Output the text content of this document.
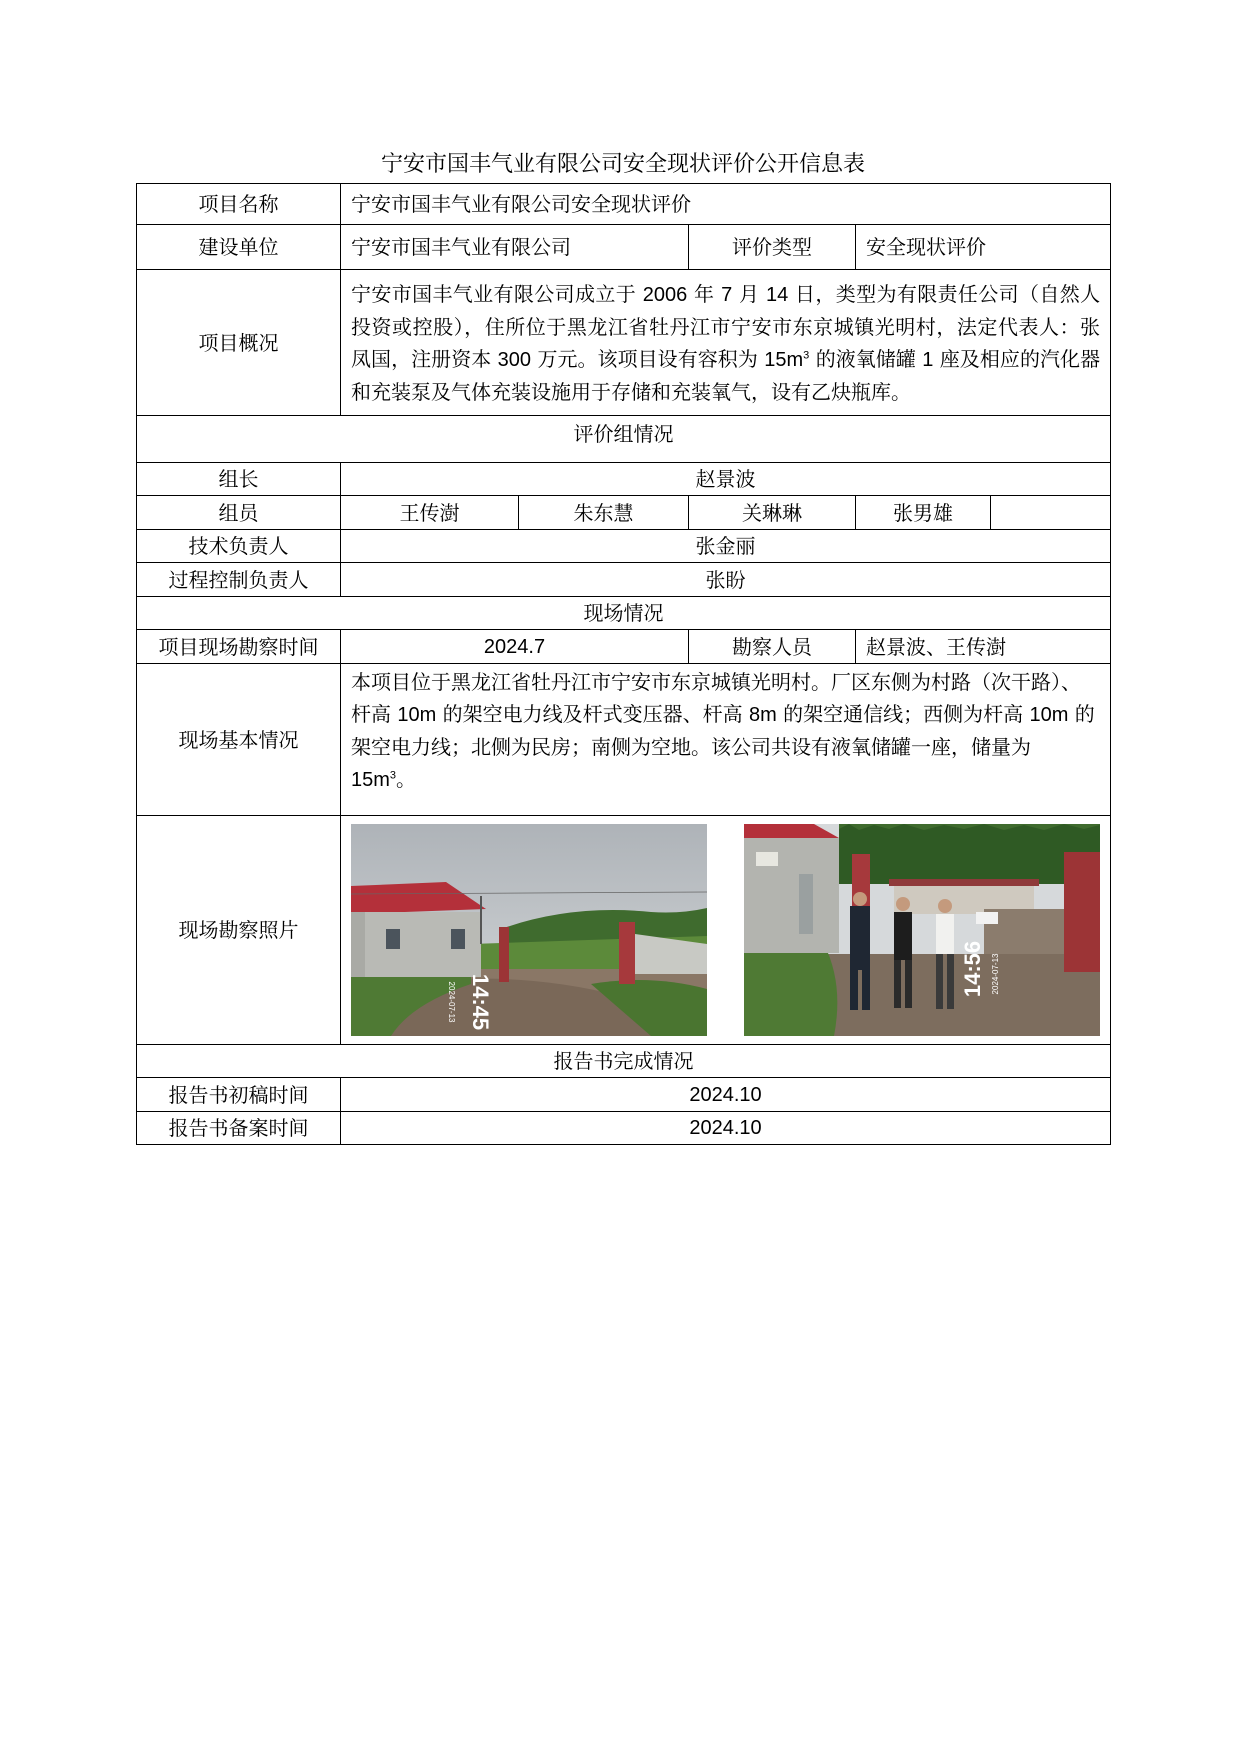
宁安市国丰气业有限公司安全现状评价公开信息表
项目名称	宁安市国丰气业有限公司安全现状评价				
建设单位	宁安市国丰气业有限公司		评价类型	安全现状评价	
项目概况	宁安市国丰气业有限公司成立于 2006 年 7 月 14 日，类型为有限责任公司（自然人投资或控股），住所位于黑龙江省牡丹江市宁安市东京城镇光明村，法定代表人：张凤国，注册资本 300 万元。该项目设有容积为 $15m^3$ 的液氧储罐 1 座及相应的汽化器和充装泵及气体充装设施用于存储和充装氧气，设有乙炔瓶库。				
评价组情况					
组长	赵景波				
组员	王传澍	朱东慧	关琳琳	张男雄	
技术负责人	张金丽				
过程控制负责人	张盼				
现场情况					
项目现场勘察时间	2024.7		勘察人员	赵景波、王传澍	
现场基本情况	本项目位于黑龙江省牡丹江市宁安市东京城镇光明村。厂区东侧为村路（次干路）、杆高 10m 的架空电力线及杆式变压器、杆高 8m 的架空通信线；西侧为杆高 10m 的架空电力线；北侧为民房；南侧为空地。该公司共设有液氧储罐一座，储量为 $15m^3$。				
现场勘察照片	14:45
2024-07-13
14:56 2024-07-13				

报告书完成情况					
报告书初稿时间	2024.10				
报告书备案时间	2024.10				
